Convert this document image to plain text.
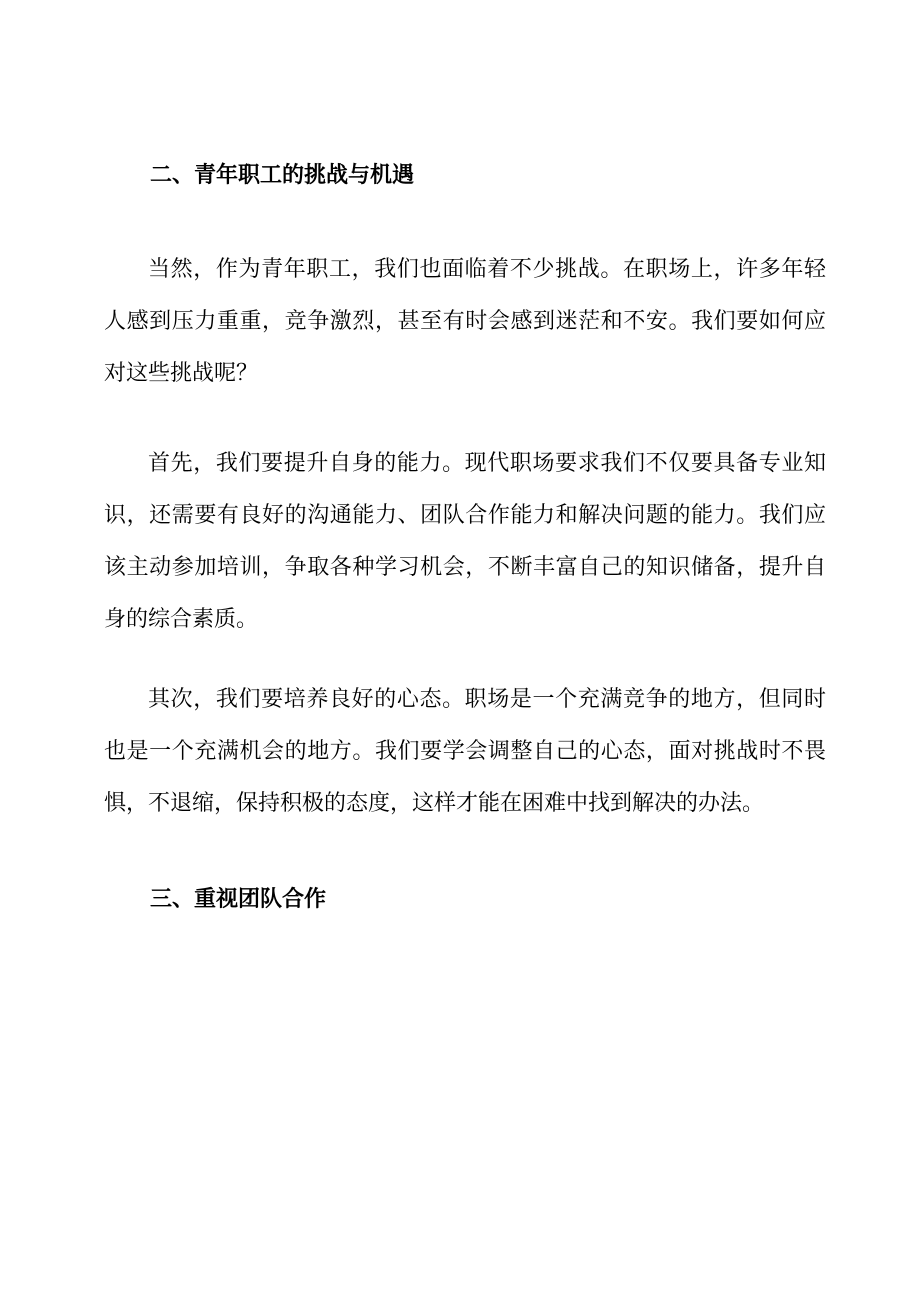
二、青年职工的挑战与机遇

当然，作为青年职工，我们也面临着不少挑战。在职场上，许多年轻人感到压力重重，竞争激烈，甚至有时会感到迷茫和不安。我们要如何应对这些挑战呢？

首先，我们要提升自身的能力。现代职场要求我们不仅要具备专业知识，还需要有良好的沟通能力、团队合作能力和解决问题的能力。我们应该主动参加培训，争取各种学习机会，不断丰富自己的知识储备，提升自身的综合素质。

其次，我们要培养良好的心态。职场是一个充满竞争的地方，但同时也是一个充满机会的地方。我们要学会调整自己的心态，面对挑战时不畏惧，不退缩，保持积极的态度，这样才能在困难中找到解决的办法。

三、重视团队合作
